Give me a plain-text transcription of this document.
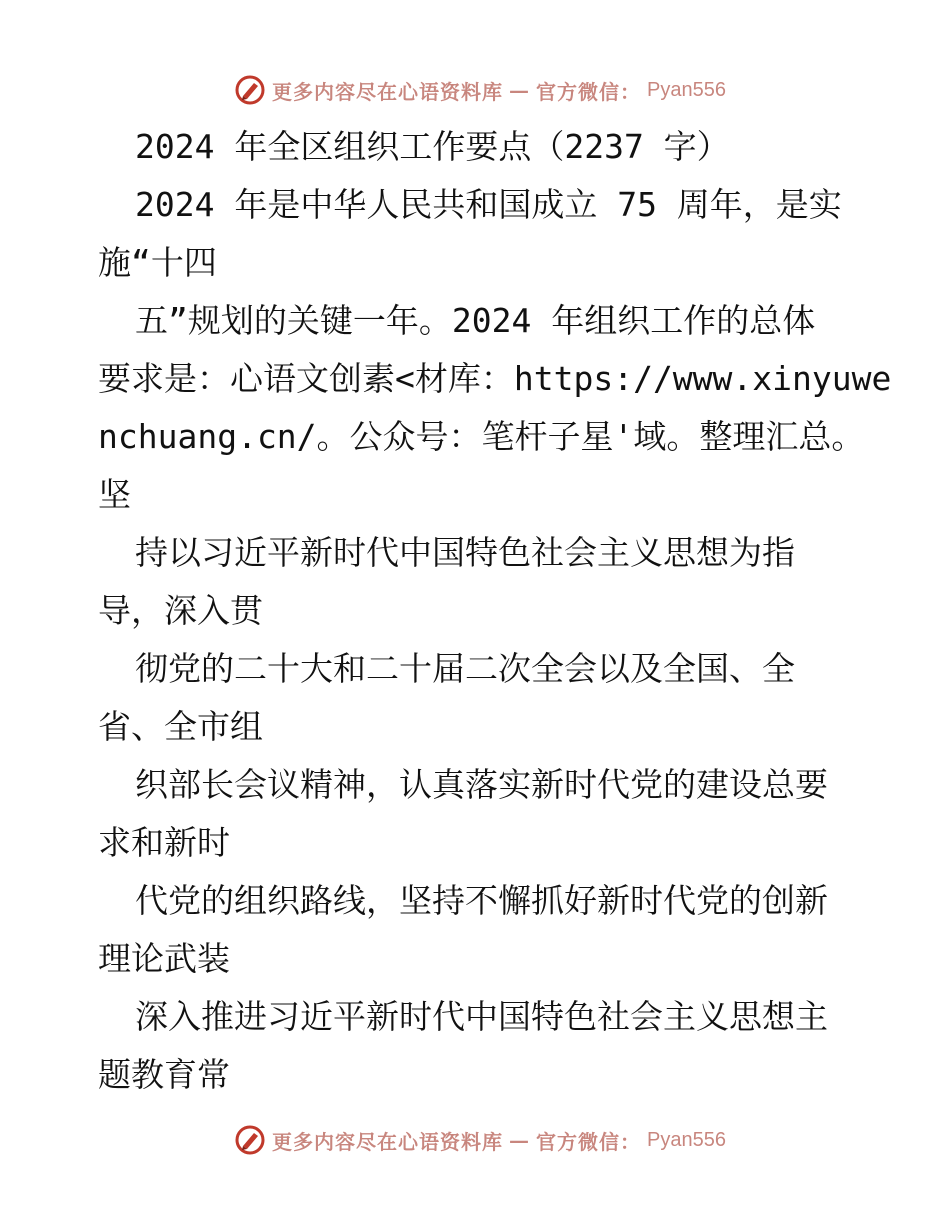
更多内容尽在心语资料库 — 官方微信： Pyan556
2024 年全区组织工作要点（2237 字）
2024 年是中华人民共和国成立 75 周年，是实
施“十四
五”规划的关键一年。2024 年组织工作的总体
要求是：心语文创素<材库：https://www.xinyuwe
nchuang.cn/。公众号：笔杆子星'域。整理汇总。
坚
持以习近平新时代中国特色社会主义思想为指
导，深入贯
彻党的二十大和二十届二次全会以及全国、全
省、全市组
织部长会议精神，认真落实新时代党的建设总要
求和新时
代党的组织路线，坚持不懈抓好新时代党的创新
理论武装
深入推进习近平新时代中国特色社会主义思想主
题教育常
更多内容尽在心语资料库 — 官方微信： Pyan556
